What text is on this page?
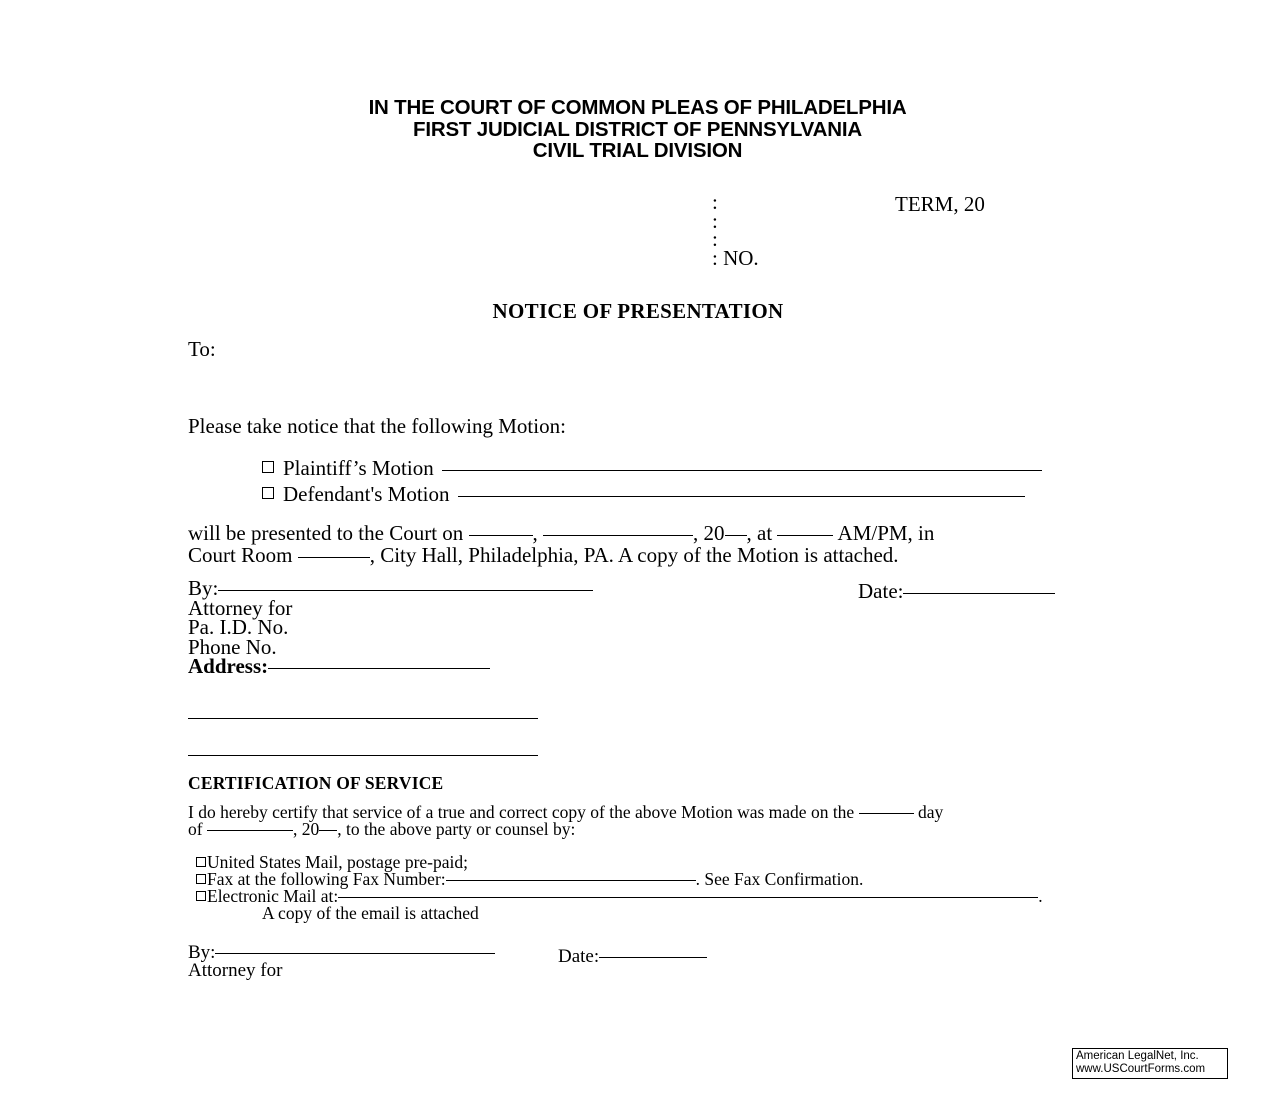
IN THE COURT OF COMMON PLEAS OF PHILADELPHIA
FIRST JUDICIAL DISTRICT OF PENNSYLVANIA
CIVIL TRIAL DIVISION
:
:
:
: NO.
TERM, 20
NOTICE OF PRESENTATION
To:
Please take notice that the following Motion:
Plaintiff’s Motion
Defendant's Motion
will be presented to the Court on	,	, 20 , at	AM/PM, in
Court Room	, City Hall, Philadelphia, PA. A copy of the Motion is attached.
By:
Attorney for
Pa. I.D. No.
Phone No.
Address:
Date:
CERTIFICATION OF SERVICE
I do hereby certify that service of a true and correct copy of the above Motion was made on the	day
of	, 20 , to the above party or counsel by:
United States Mail, postage pre-paid;
Fax at the following Fax Number:	. See Fax Confirmation.
Electronic Mail at:	.
A copy of the email is attached
By:
Attorney for
Date:
American LegalNet, Inc.
www.USCourtForms.com
